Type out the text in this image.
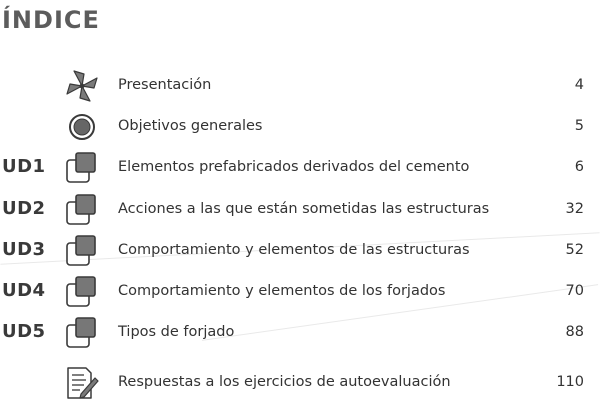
ÍNDICE
Presentación	4
Objetivos generales	5
UD1	Elementos prefabricados derivados del cemento	6
UD2	Acciones a las que están sometidas las estructuras	32
UD3	Comportamiento y elementos de las estructuras	52
UD4	Comportamiento y elementos de los forjados	70
UD5	Tipos de forjado	88
Respuestas a los ejercicios de autoevaluación	110
